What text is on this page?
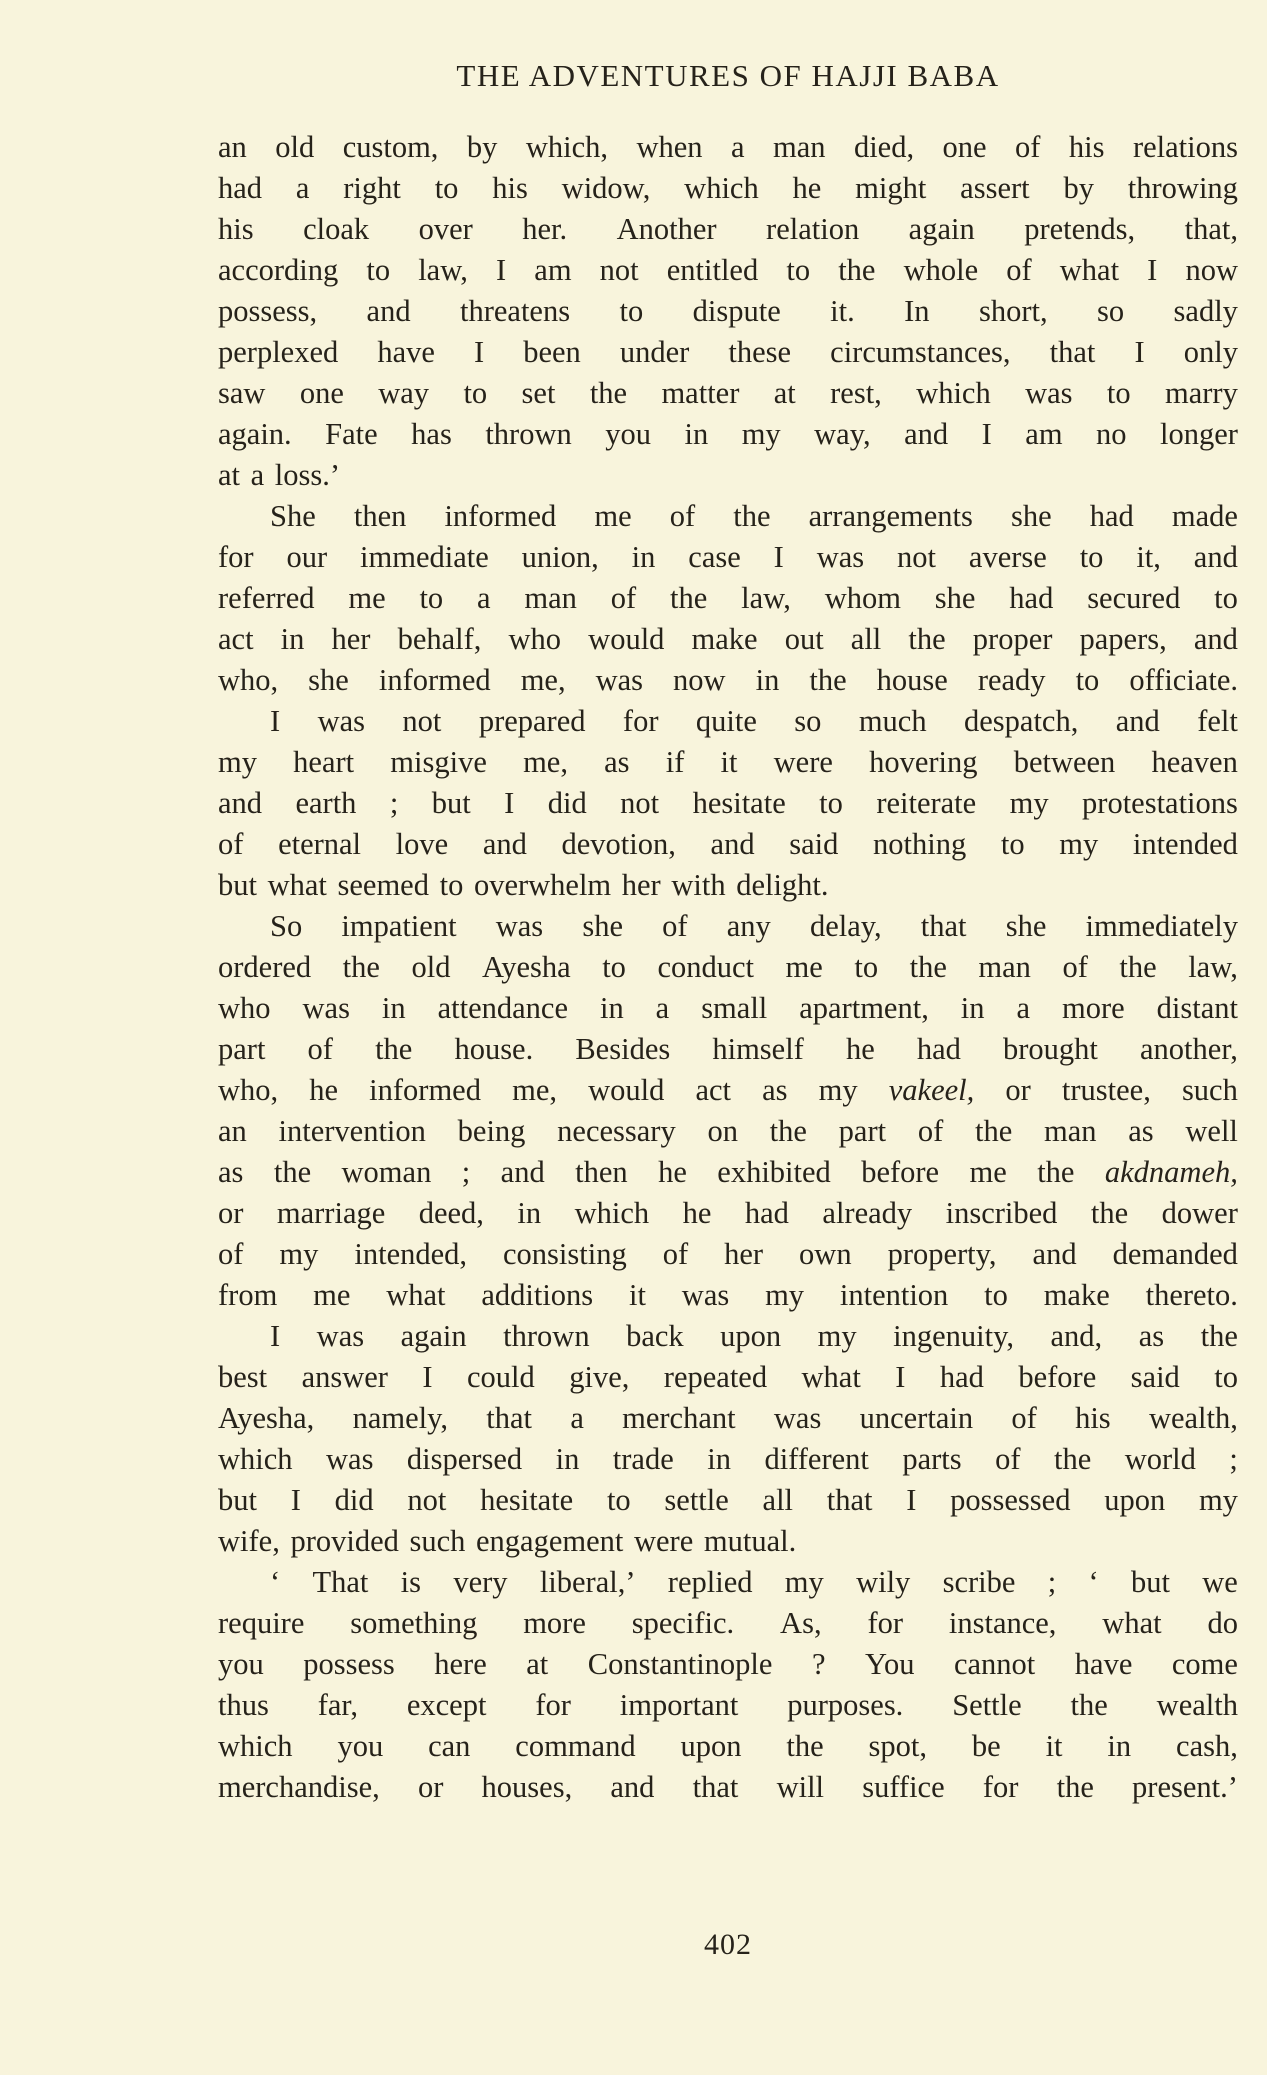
THE ADVENTURES OF HAJJI BABA
an old custom, by which, when a man died, one of his relations
had a right to his widow, which he might assert by throwing
his cloak over her. Another relation again pretends, that,
according to law, I am not entitled to the whole of what I now
possess, and threatens to dispute it. In short, so sadly
perplexed have I been under these circumstances, that I only
saw one way to set the matter at rest, which was to marry
again. Fate has thrown you in my way, and I am no longer
at a loss.’
She then informed me of the arrangements she had made
for our immediate union, in case I was not averse to it, and
referred me to a man of the law, whom she had secured to
act in her behalf, who would make out all the proper papers, and
who, she informed me, was now in the house ready to officiate.
I was not prepared for quite so much despatch, and felt
my heart misgive me, as if it were hovering between heaven
and earth ; but I did not hesitate to reiterate my protestations
of eternal love and devotion, and said nothing to my intended
but what seemed to overwhelm her with delight.
So impatient was she of any delay, that she immediately
ordered the old Ayesha to conduct me to the man of the law,
who was in attendance in a small apartment, in a more distant
part of the house. Besides himself he had brought another,
who, he informed me, would act as my vakeel, or trustee, such
an intervention being necessary on the part of the man as well
as the woman ; and then he exhibited before me the akdnameh,
or marriage deed, in which he had already inscribed the dower
of my intended, consisting of her own property, and demanded
from me what additions it was my intention to make thereto.
I was again thrown back upon my ingenuity, and, as the
best answer I could give, repeated what I had before said to
Ayesha, namely, that a merchant was uncertain of his wealth,
which was dispersed in trade in different parts of the world ;
but I did not hesitate to settle all that I possessed upon my
wife, provided such engagement were mutual.
‘ That is very liberal,’ replied my wily scribe ; ‘ but we
require something more specific. As, for instance, what do
you possess here at Constantinople ? You cannot have come
thus far, except for important purposes. Settle the wealth
which you can command upon the spot, be it in cash,
merchandise, or houses, and that will suffice for the present.’
402
